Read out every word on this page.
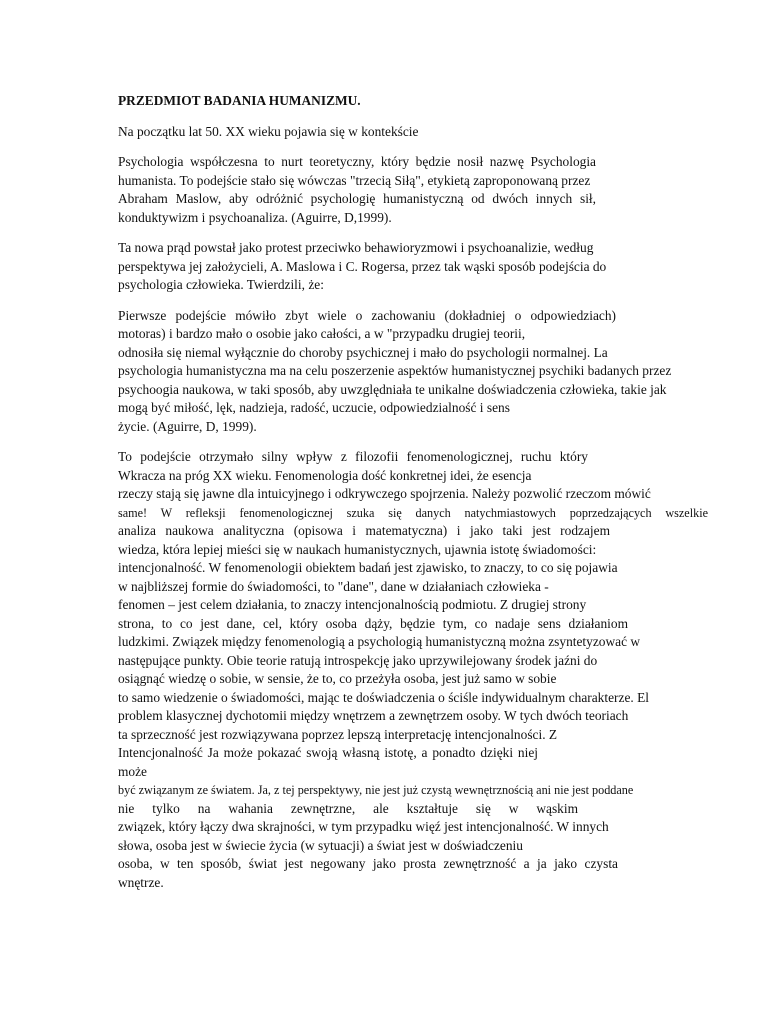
PRZEDMIOT BADANIA HUMANIZMU.
Na początku lat 50. XX wieku pojawia się w kontekście
Psychologia współczesna to nurt teoretyczny, który będzie nosił nazwę Psychologia
humanista. To podejście stało się wówczas "trzecią Siłą", etykietą zaproponowaną przez
Abraham Maslow, aby odróżnić psychologię humanistyczną od dwóch innych sił,
konduktywizm i psychoanaliza. (Aguirre, D,1999).
Ta nowa prąd powstał jako protest przeciwko behawioryzmowi i psychoanalizie, według
perspektywa jej założycieli, A. Maslowa i C. Rogersa, przez tak wąski sposób podejścia do
psychologia człowieka. Twierdzili, że:
Pierwsze podejście mówiło zbyt wiele o zachowaniu (dokładniej o odpowiedziach)
motoras) i bardzo mało o osobie jako całości, a w "przypadku drugiej teorii,
odnosiła się niemal wyłącznie do choroby psychicznej i mało do psychologii normalnej. La
psychologia humanistyczna ma na celu poszerzenie aspektów humanistycznej psychiki badanych przez
psychoogia naukowa, w taki sposób, aby uwzględniała te unikalne doświadczenia człowieka, takie jak
mogą być miłość, lęk, nadzieja, radość, uczucie, odpowiedzialność i sens
życie. (Aguirre, D, 1999).
To podejście otrzymało silny wpływ z filozofii fenomenologicznej, ruchu który
Wkracza na próg XX wieku. Fenomenologia dość konkretnej idei, że esencja
rzeczy stają się jawne dla intuicyjnego i odkrywczego spojrzenia. Należy pozwolić rzeczom mówić
same! W refleksji fenomenologicznej szuka się danych natychmiastowych poprzedzających wszelkie
analiza naukowa analityczna (opisowa i matematyczna) i jako taki jest rodzajem
wiedza, która lepiej mieści się w naukach humanistycznych, ujawnia istotę świadomości:
intencjonalność. W fenomenologii obiektem badań jest zjawisko, to znaczy, to co się pojawia
w najbliższej formie do świadomości, to "dane", dane w działaniach człowieka -
fenomen – jest celem działania, to znaczy intencjonalnością podmiotu. Z drugiej strony
strona, to co jest dane, cel, który osoba dąży, będzie tym, co nadaje sens działaniom
ludzkimi. Związek między fenomenologią a psychologią humanistyczną można zsyntetyzować w
następujące punkty. Obie teorie ratują introspekcję jako uprzywilejowany środek jaźni do
osiągnąć wiedzę o sobie, w sensie, że to, co przeżyła osoba, jest już samo w sobie
to samo wiedzenie o świadomości, mając te doświadczenia o ściśle indywidualnym charakterze. El
problem klasycznej dychotomii między wnętrzem a zewnętrzem osoby. W tych dwóch teoriach
ta sprzeczność jest rozwiązywana poprzez lepszą interpretację intencjonalności. Z
Intencjonalność Ja może pokazać swoją własną istotę, a ponadto dzięki niej może
być związanym ze światem. Ja, z tej perspektywy, nie jest już czystą wewnętrznością ani nie jest poddane
nie tylko na wahania zewnętrzne, ale kształtuje się w wąskim
związek, który łączy dwa skrajności, w tym przypadku więź jest intencjonalność. W innych
słowa, osoba jest w świecie życia (w sytuacji) a świat jest w doświadczeniu
osoba, w ten sposób, świat jest negowany jako prosta zewnętrzność a ja jako czysta
wnętrze.
